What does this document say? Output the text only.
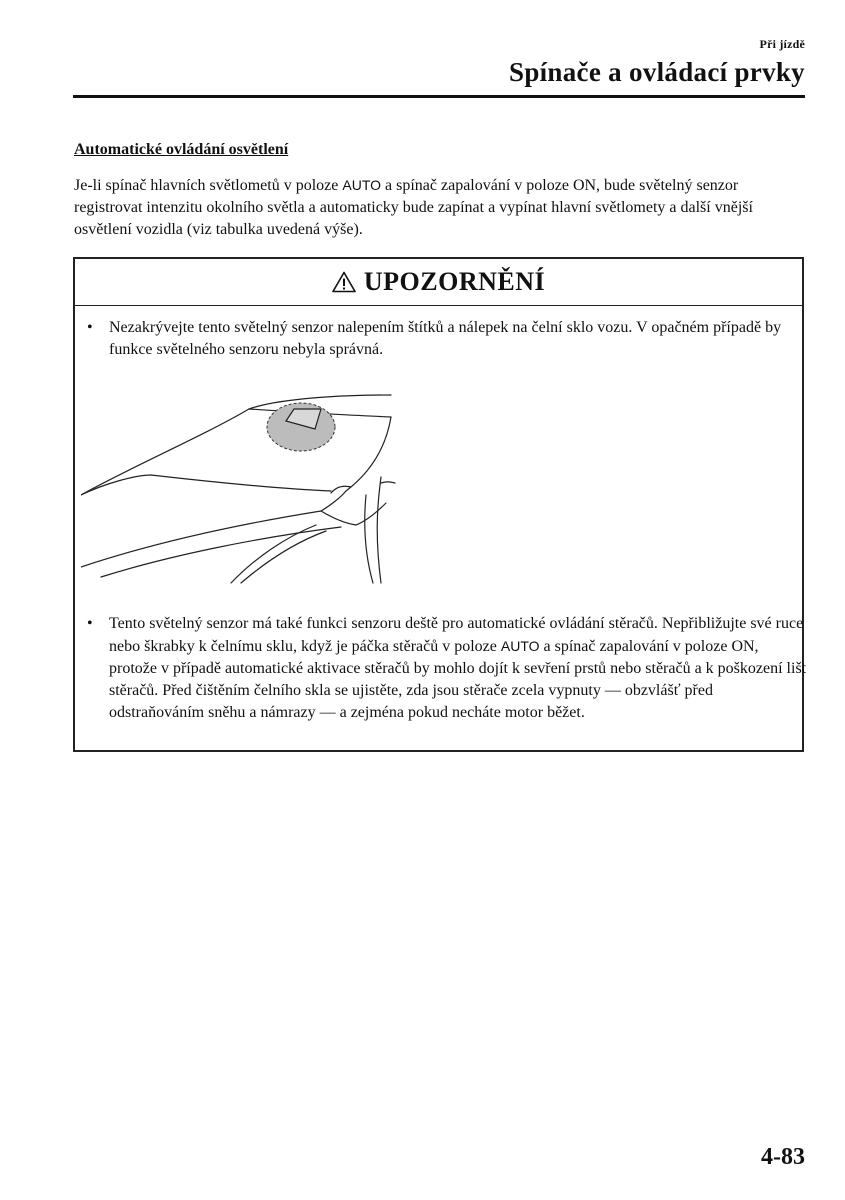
Při jízdě
Spínače a ovládací prvky
Automatické ovládání osvětlení
Je-li spínač hlavních světlometů v poloze AUTO a spínač zapalování v poloze ON, bude světelný senzor registrovat intenzitu okolního světla a automaticky bude zapínat a vypínat hlavní světlomety a další vnější osvětlení vozidla (viz tabulka uvedená výše).
UPOZORNĚNÍ
• Nezakrývejte tento světelný senzor nalepením štítků a nálepek na čelní sklo vozu. V opačném případě by funkce světelného senzoru nebyla správná.
• Tento světelný senzor má také funkci senzoru deště pro automatické ovládání stěračů. Nepřibližujte své ruce nebo škrabky k čelnímu sklu, když je páčka stěračů v poloze AUTO a spínač zapalování v poloze ON, protože v případě automatické aktivace stěračů by mohlo dojít k sevření prstů nebo stěračů a k poškození lišt stěračů. Před čištěním čelního skla se ujistěte, zda jsou stěrače zcela vypnuty — obzvlášť před odstraňováním sněhu a námrazy — a zejména pokud necháte motor běžet.
4-83
